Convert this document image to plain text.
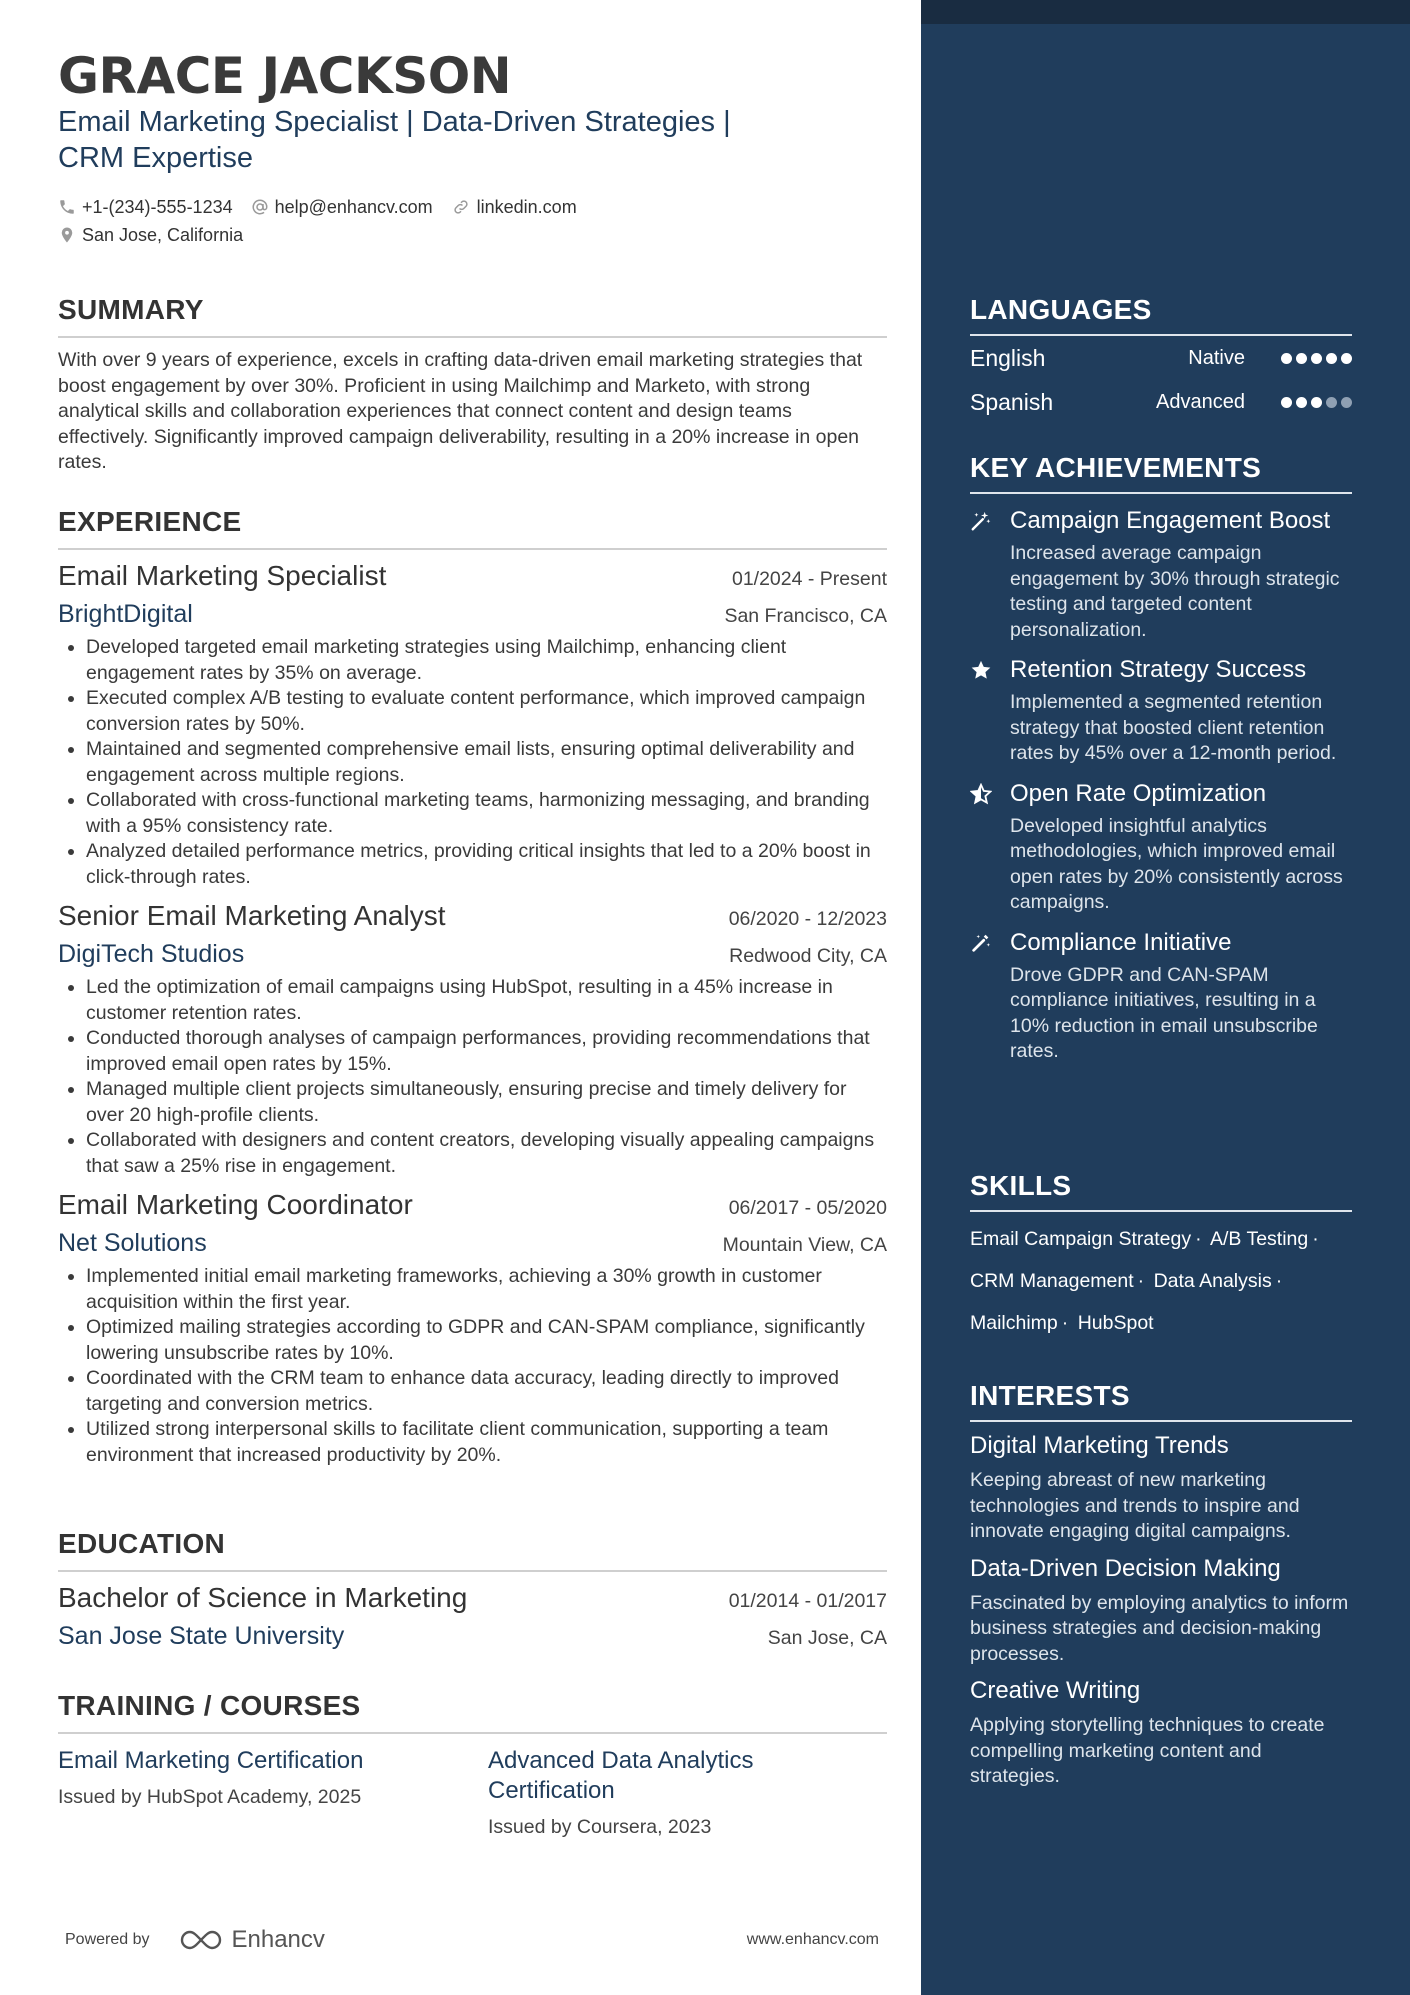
GRACE JACKSON
Email Marketing Specialist | Data-Driven Strategies |
CRM Expertise
+1-(234)-555-1234 help@enhancv.com linkedin.com
San Jose, California
SUMMARY
With over 9 years of experience, excels in crafting data-driven email marketing strategies that boost engagement by over 30%. Proficient in using Mailchimp and Marketo, with strong analytical skills and collaboration experiences that connect content and design teams effectively. Significantly improved campaign deliverability, resulting in a 20% increase in open rates.
EXPERIENCE
Email Marketing Specialist	01/2024 - Present
BrightDigital	San Francisco, CA
• Developed targeted email marketing strategies using Mailchimp, enhancing client engagement rates by 35% on average.
• Executed complex A/B testing to evaluate content performance, which improved campaign conversion rates by 50%.
• Maintained and segmented comprehensive email lists, ensuring optimal deliverability and engagement across multiple regions.
• Collaborated with cross-functional marketing teams, harmonizing messaging, and branding with a 95% consistency rate.
• Analyzed detailed performance metrics, providing critical insights that led to a 20% boost in click-through rates.
Senior Email Marketing Analyst	06/2020 - 12/2023
DigiTech Studios	Redwood City, CA
• Led the optimization of email campaigns using HubSpot, resulting in a 45% increase in customer retention rates.
• Conducted thorough analyses of campaign performances, providing recommendations that improved email open rates by 15%.
• Managed multiple client projects simultaneously, ensuring precise and timely delivery for over 20 high-profile clients.
• Collaborated with designers and content creators, developing visually appealing campaigns that saw a 25% rise in engagement.
Email Marketing Coordinator	06/2017 - 05/2020
Net Solutions	Mountain View, CA
• Implemented initial email marketing frameworks, achieving a 30% growth in customer acquisition within the first year.
• Optimized mailing strategies according to GDPR and CAN-SPAM compliance, significantly lowering unsubscribe rates by 10%.
• Coordinated with the CRM team to enhance data accuracy, leading directly to improved targeting and conversion metrics.
• Utilized strong interpersonal skills to facilitate client communication, supporting a team environment that increased productivity by 20%.
EDUCATION
Bachelor of Science in Marketing	01/2014 - 01/2017
San Jose State University	San Jose, CA
TRAINING / COURSES
Email Marketing Certification
Issued by HubSpot Academy, 2025
Advanced Data Analytics Certification
Issued by Coursera, 2023
Powered by	Enhancv	www.enhancv.com
LANGUAGES
English	Native
Spanish	Advanced
KEY ACHIEVEMENTS
Campaign Engagement Boost
Increased average campaign engagement by 30% through strategic testing and targeted content personalization.
Retention Strategy Success
Implemented a segmented retention strategy that boosted client retention rates by 45% over a 12-month period.
Open Rate Optimization
Developed insightful analytics methodologies, which improved email open rates by 20% consistently across campaigns.
Compliance Initiative
Drove GDPR and CAN-SPAM compliance initiatives, resulting in a 10% reduction in email unsubscribe rates.
SKILLS
Email Campaign Strategy · A/B Testing ·
CRM Management · Data Analysis ·
Mailchimp · HubSpot
INTERESTS
Digital Marketing Trends
Keeping abreast of new marketing technologies and trends to inspire and innovate engaging digital campaigns.
Data-Driven Decision Making
Fascinated by employing analytics to inform business strategies and decision-making processes.
Creative Writing
Applying storytelling techniques to create compelling marketing content and strategies.
